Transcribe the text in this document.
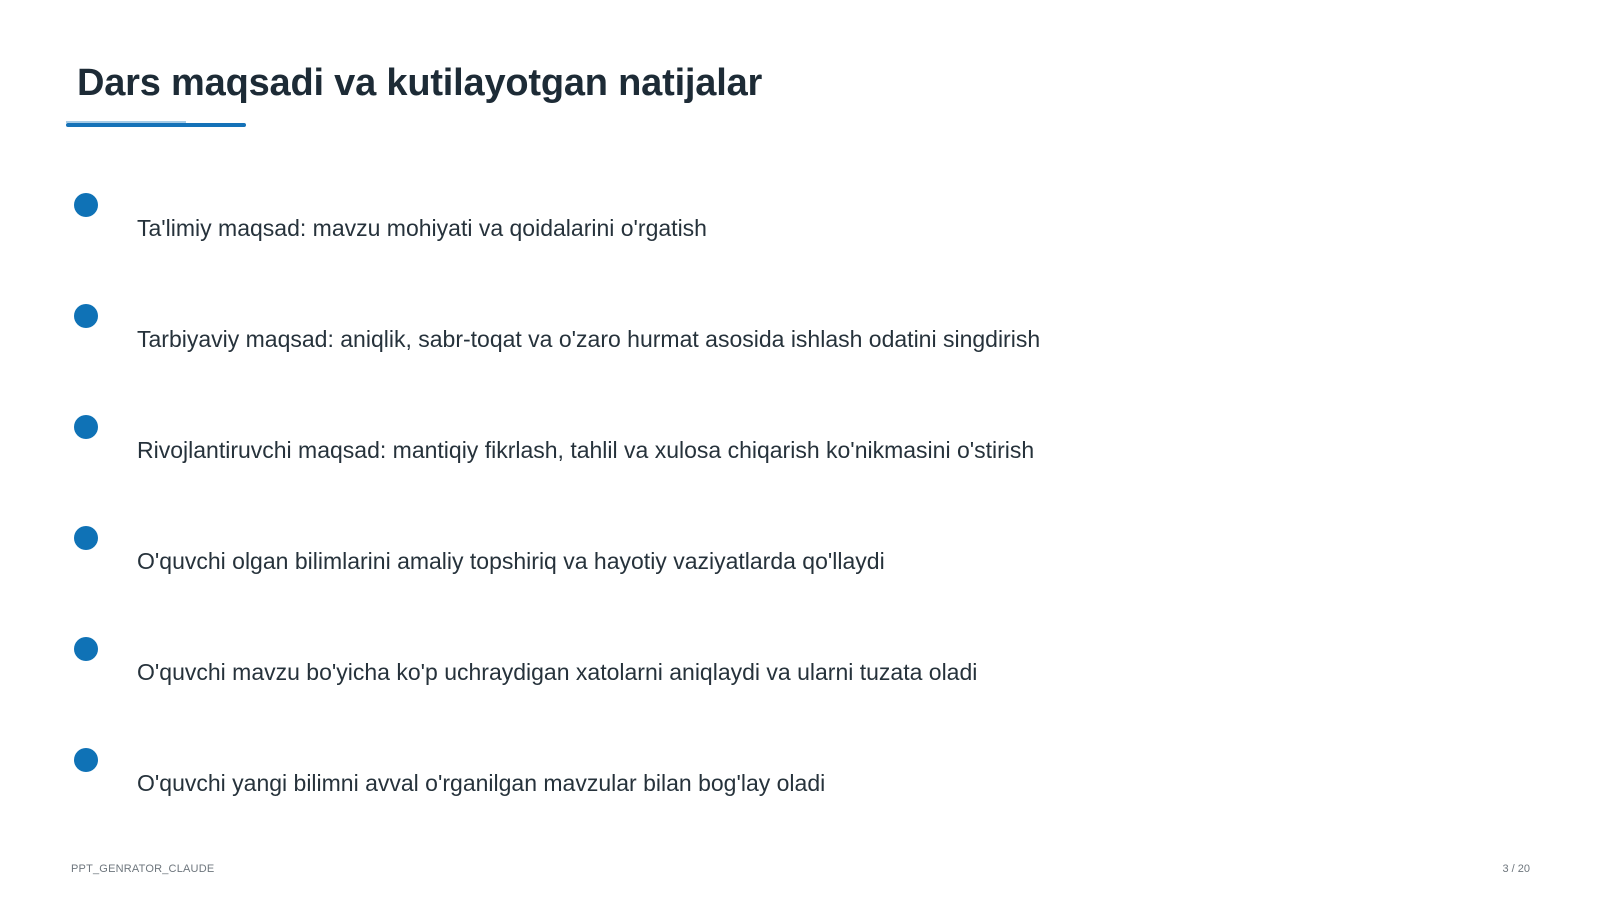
Dars maqsadi va kutilayotgan natijalar
Ta'limiy maqsad: mavzu mohiyati va qoidalarini o'rgatish
Tarbiyaviy maqsad: aniqlik, sabr-toqat va o'zaro hurmat asosida ishlash odatini singdirish
Rivojlantiruvchi maqsad: mantiqiy fikrlash, tahlil va xulosa chiqarish ko'nikmasini o'stirish
O'quvchi olgan bilimlarini amaliy topshiriq va hayotiy vaziyatlarda qo'llaydi
O'quvchi mavzu bo'yicha ko'p uchraydigan xatolarni aniqlaydi va ularni tuzata oladi
O'quvchi yangi bilimni avval o'rganilgan mavzular bilan bog'lay oladi
PPT_GENRATOR_CLAUDE	3 / 20
